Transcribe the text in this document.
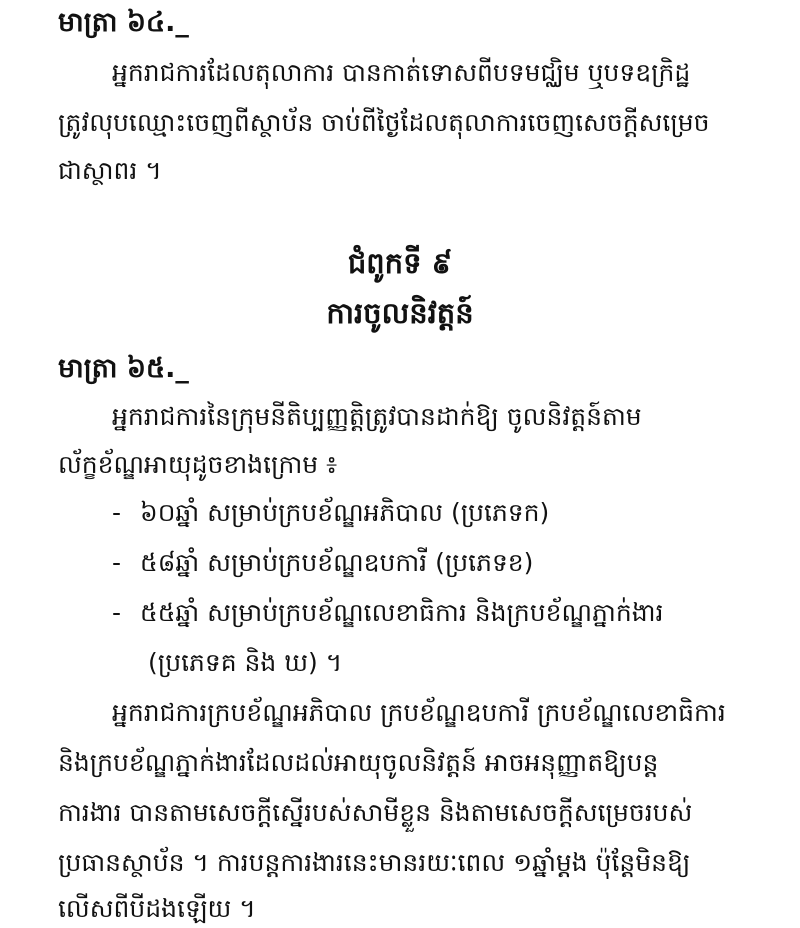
មាត្រា ៦៤._
អ្នករាជការដែលតុលាការ បានកាត់ទោសពីបទមជ្ឈិម ឬបទឧក្រិដ្ឋ
ត្រូវលុបឈ្មោះចេញពីស្ថាប័ន ចាប់ពីថ្ងៃដែលតុលាការចេញសេចក្ដីសម្រេច
ជាស្ថាពរ ។
ជំពូកទី ៩
ការចូលនិវត្តន៍
មាត្រា ៦៥._
អ្នករាជការនៃក្រុមនីតិប្បញ្ញត្តិត្រូវបានដាក់ឱ្យ ចូលនិវត្តន៍តាម
ល័ក្ខខ័ណ្ឌអាយុដូចខាងក្រោម ៖
- ៦០ឆ្នាំ សម្រាប់ក្របខ័ណ្ឌអភិបាល (ប្រភេទក)
- ៥៨ឆ្នាំ សម្រាប់ក្របខ័ណ្ឌឧបការី (ប្រភេទខ)
- ៥៥ឆ្នាំ សម្រាប់ក្របខ័ណ្ឌលេខាធិការ និងក្របខ័ណ្ឌភ្នាក់ងារ
(ប្រភេទគ និង ឃ) ។
អ្នករាជការក្របខ័ណ្ឌអភិបាល ក្របខ័ណ្ឌឧបការី ក្របខ័ណ្ឌលេខាធិការ
និងក្របខ័ណ្ឌភ្នាក់ងារដែលដល់អាយុចូលនិវត្តន៍ អាចអនុញ្ញាតឱ្យបន្ត
ការងារ បានតាមសេចក្ដីស្នើរបស់សាមីខ្លួន និងតាមសេចក្ដីសម្រេចរបស់
ប្រធានស្ថាប័ន ។ ការបន្តការងារនេះមានរយៈពេល ១ឆ្នាំម្ដង ប៉ុន្តែមិនឱ្យ
លើសពីបីដងឡើយ ។
